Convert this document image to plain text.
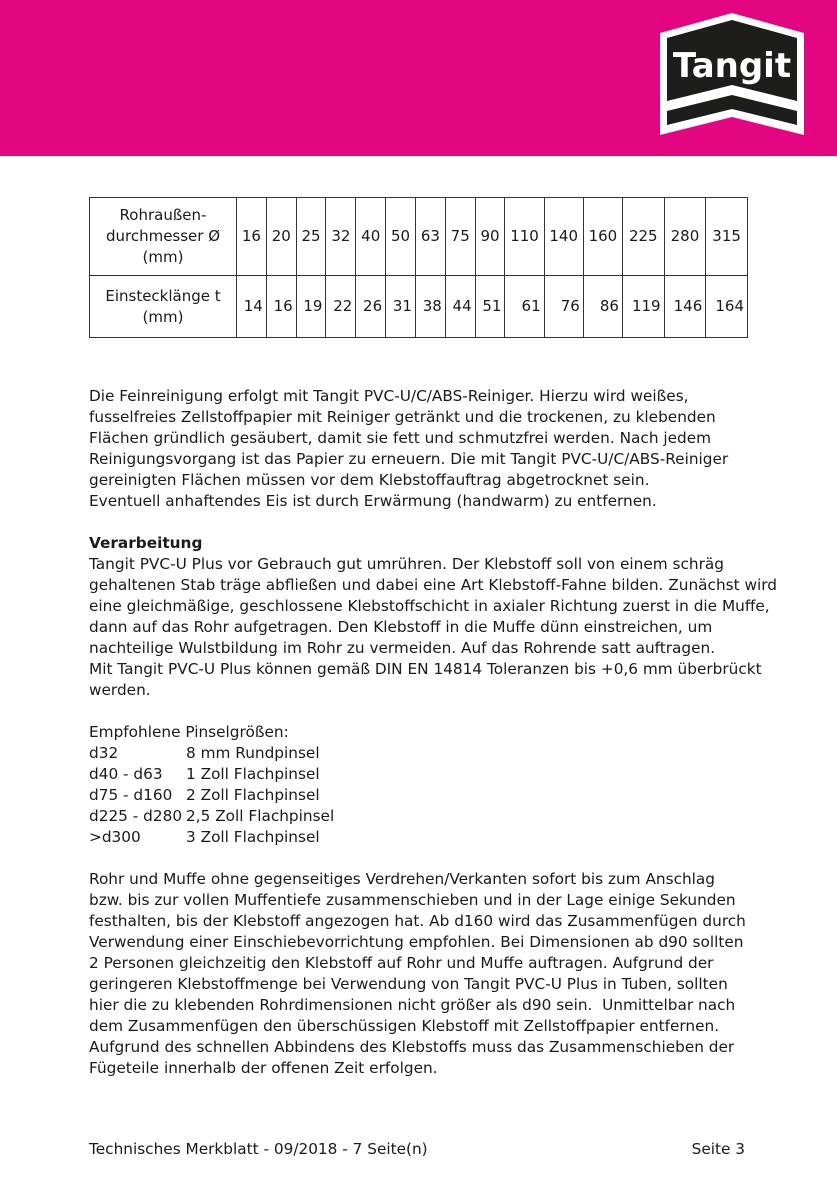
Tangit
Rohraußen-
durchmesser Ø
(mm)	16	20	25	32	40	50	63	75	90	110	140	160	225	280	315
Einstecklänge t
(mm)	14	16	19	22	26	31	38	44	51	61	76	86	119	146	164
Die Feinreinigung erfolgt mit Tangit PVC-U/C/ABS-Reiniger. Hierzu wird weißes,
fusselfreies Zellstoffpapier mit Reiniger getränkt und die trockenen, zu klebenden
Flächen gründlich gesäubert, damit sie fett und schmutzfrei werden. Nach jedem
Reinigungsvorgang ist das Papier zu erneuern. Die mit Tangit PVC-U/C/ABS-Reiniger
gereinigten Flächen müssen vor dem Klebstoffauftrag abgetrocknet sein.
Eventuell anhaftendes Eis ist durch Erwärmung (handwarm) zu entfernen.
Verarbeitung
Tangit PVC-U Plus vor Gebrauch gut umrühren. Der Klebstoff soll von einem schräg
gehaltenen Stab träge abfließen und dabei eine Art Klebstoff-Fahne bilden. Zunächst wird
eine gleichmäßige, geschlossene Klebstoffschicht in axialer Richtung zuerst in die Muffe,
dann auf das Rohr aufgetragen. Den Klebstoff in die Muffe dünn einstreichen, um
nachteilige Wulstbildung im Rohr zu vermeiden. Auf das Rohrende satt auftragen.
Mit Tangit PVC-U Plus können gemäß DIN EN 14814 Toleranzen bis +0,6 mm überbrückt
werden.
Empfohlene Pinselgrößen:
d32	8 mm Rundpinsel
d40 - d63	1 Zoll Flachpinsel
d75 - d160 2 Zoll Flachpinsel
d225 - d280 2,5 Zoll Flachpinsel
>d300	3 Zoll Flachpinsel
Rohr und Muffe ohne gegenseitiges Verdrehen/Verkanten sofort bis zum Anschlag
bzw. bis zur vollen Muffentiefe zusammenschieben und in der Lage einige Sekunden
festhalten, bis der Klebstoff angezogen hat. Ab d160 wird das Zusammenfügen durch
Verwendung einer Einschiebevorrichtung empfohlen. Bei Dimensionen ab d90 sollten
2 Personen gleichzeitig den Klebstoff auf Rohr und Muffe auftragen. Aufgrund der
geringeren Klebstoffmenge bei Verwendung von Tangit PVC-U Plus in Tuben, sollten
hier die zu klebenden Rohrdimensionen nicht größer als d90 sein.  Unmittelbar nach
dem Zusammenfügen den überschüssigen Klebstoff mit Zellstoffpapier entfernen.
Aufgrund des schnellen Abbindens des Klebstoffs muss das Zusammenschieben der
Fügeteile innerhalb der offenen Zeit erfolgen.
Technisches Merkblatt - 09/2018 - 7 Seite(n)	Seite 3
